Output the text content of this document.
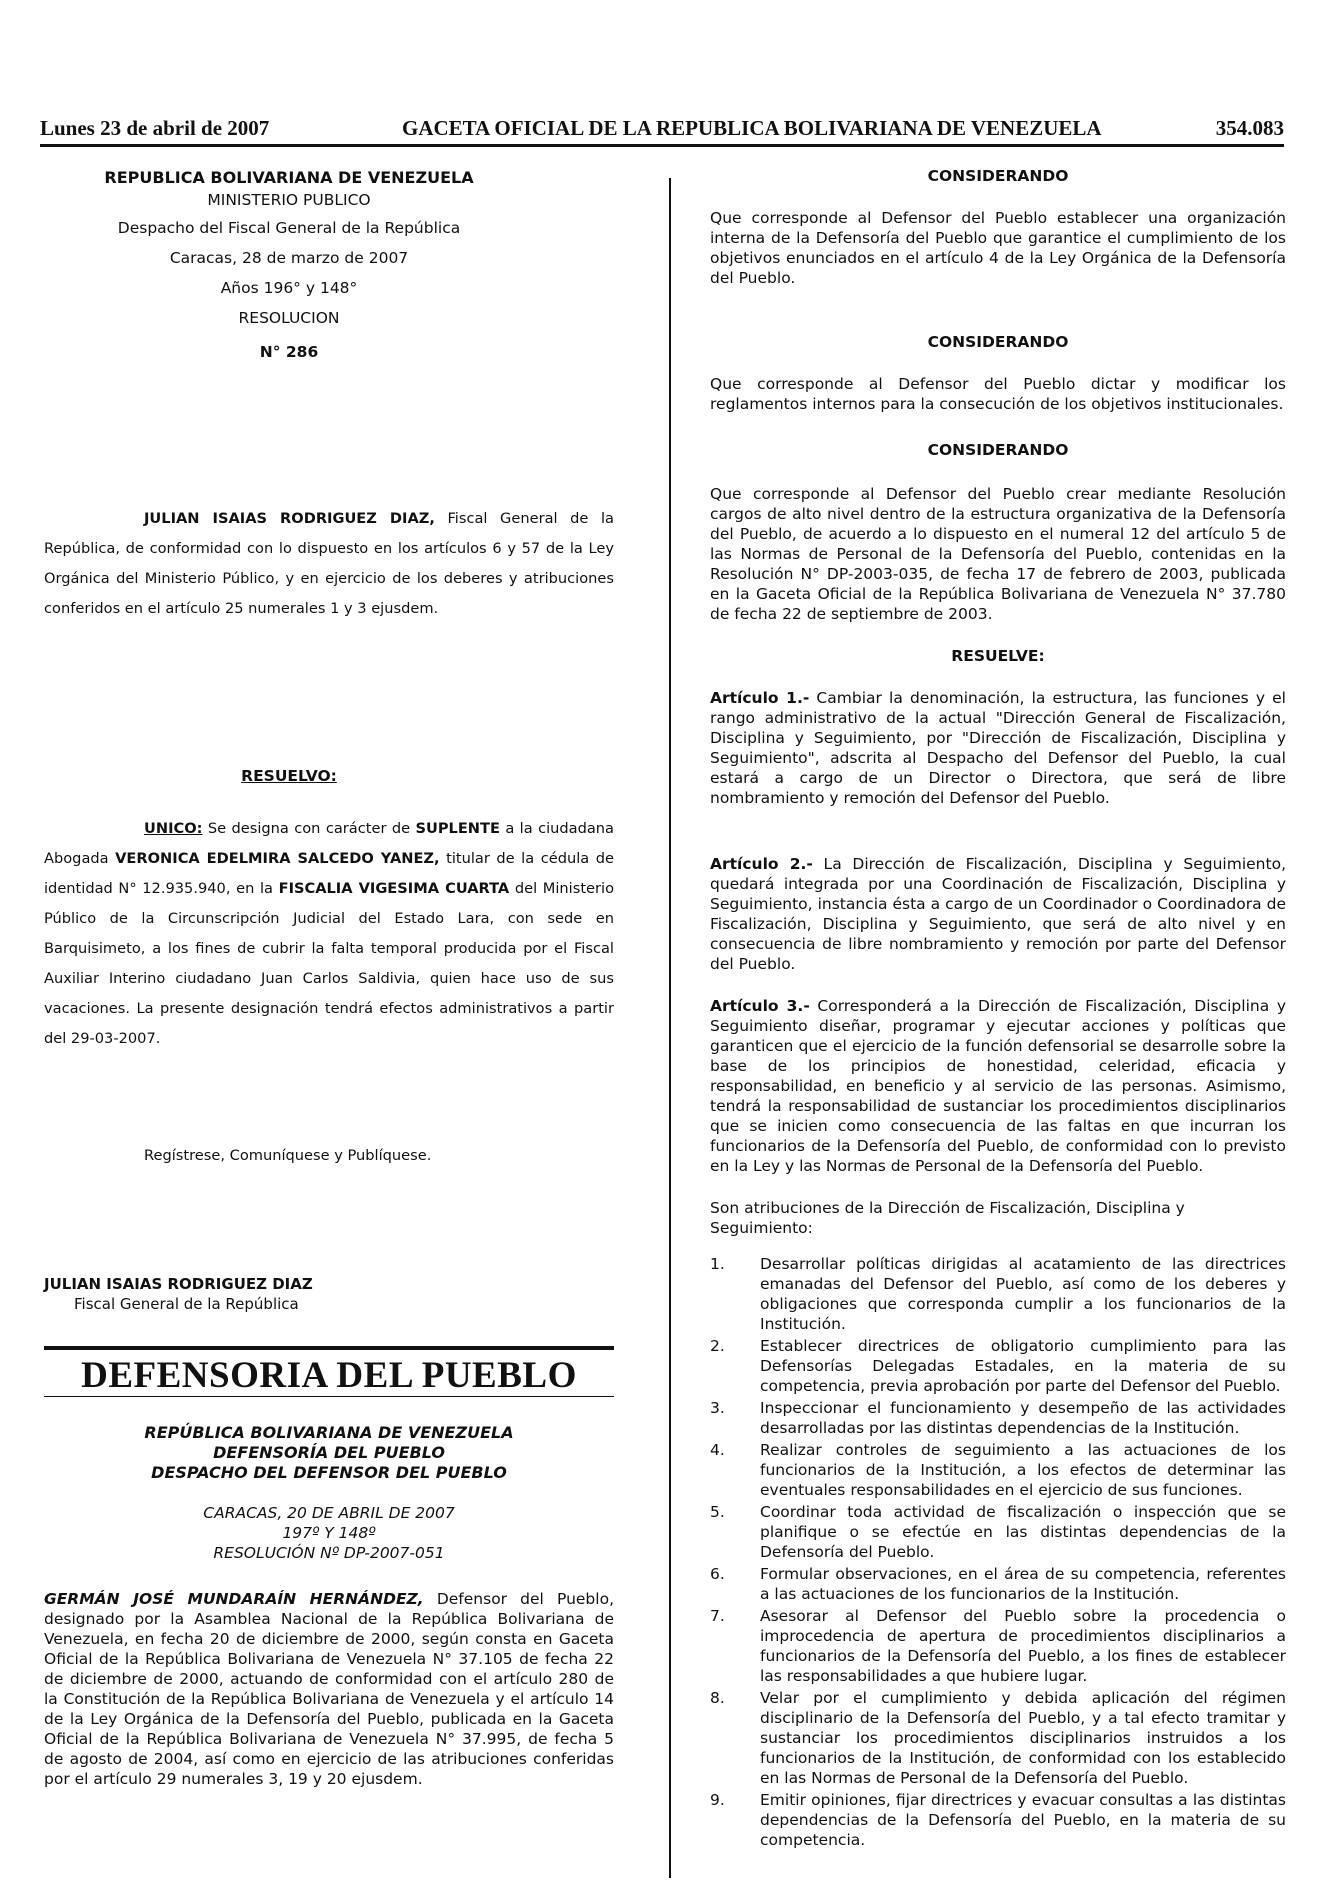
Lunes 23 de abril de 2007	GACETA OFICIAL DE LA REPUBLICA BOLIVARIANA DE VENEZUELA	354.083
REPUBLICA BOLIVARIANA DE VENEZUELA
MINISTERIO PUBLICO
Despacho del Fiscal General de la República
Caracas, 28 de marzo de 2007
Años 196° y 148°
RESOLUCION
N° 286

JULIAN ISAIAS RODRIGUEZ DIAZ, Fiscal General de la República, de conformidad con lo dispuesto en los artículos 6 y 57 de la Ley Orgánica del Ministerio Público, y en ejercicio de los deberes y atribuciones conferidos en el artículo 25 numerales 1 y 3 ejusdem.

RESUELVO:

UNICO: Se designa con carácter de SUPLENTE a la ciudadana Abogada VERONICA EDELMIRA SALCEDO YANEZ, titular de la cédula de identidad N° 12.935.940, en la FISCALIA VIGESIMA CUARTA del Ministerio Público de la Circunscripción Judicial del Estado Lara, con sede en Barquisimeto, a los fines de cubrir la falta temporal producida por el Fiscal Auxiliar Interino ciudadano Juan Carlos Saldivia, quien hace uso de sus vacaciones. La presente designación tendrá efectos administrativos a partir del 29-03-2007.

Regístrese, Comuníquese y Publíquese.

JULIAN ISAIAS RODRIGUEZ DIAZ
Fiscal General de la República
DEFENSORIA DEL PUEBLO
REPÚBLICA BOLIVARIANA DE VENEZUELA
DEFENSORÍA DEL PUEBLO
DESPACHO DEL DEFENSOR DEL PUEBLO
CARACAS, 20 DE ABRIL DE 2007
197º Y 148º
RESOLUCIÓN Nº DP-2007-051

GERMÁN JOSÉ MUNDARAÍN HERNÁNDEZ, Defensor del Pueblo, designado por la Asamblea Nacional de la República Bolivariana de Venezuela, en fecha 20 de diciembre de 2000, según consta en Gaceta Oficial de la República Bolivariana de Venezuela N° 37.105 de fecha 22 de diciembre de 2000, actuando de conformidad con el artículo 280 de la Constitución de la República Bolivariana de Venezuela y el artículo 14 de la Ley Orgánica de la Defensoría del Pueblo, publicada en la Gaceta Oficial de la República Bolivariana de Venezuela N° 37.995, de fecha 5 de agosto de 2004, así como en ejercicio de las atribuciones conferidas por el artículo 29 numerales 3, 19 y 20 ejusdem.

CONSIDERANDO

Que corresponde al Defensor del Pueblo establecer una organización interna de la Defensoría del Pueblo que garantice el cumplimiento de los objetivos enunciados en el artículo 4 de la Ley Orgánica de la Defensoría del Pueblo.

CONSIDERANDO

Que corresponde al Defensor del Pueblo dictar y modificar los reglamentos internos para la consecución de los objetivos institucionales.

CONSIDERANDO

Que corresponde al Defensor del Pueblo crear mediante Resolución cargos de alto nivel dentro de la estructura organizativa de la Defensoría del Pueblo, de acuerdo a lo dispuesto en el numeral 12 del artículo 5 de las Normas de Personal de la Defensoría del Pueblo, contenidas en la Resolución N° DP-2003-035, de fecha 17 de febrero de 2003, publicada en la Gaceta Oficial de la República Bolivariana de Venezuela N° 37.780 de fecha 22 de septiembre de 2003.

RESUELVE:

Artículo 1.- Cambiar la denominación, la estructura, las funciones y el rango administrativo de la actual "Dirección General de Fiscalización, Disciplina y Seguimiento, por "Dirección de Fiscalización, Disciplina y Seguimiento", adscrita al Despacho del Defensor del Pueblo, la cual estará a cargo de un Director o Directora, que será de libre nombramiento y remoción del Defensor del Pueblo.

Artículo 2.- La Dirección de Fiscalización, Disciplina y Seguimiento, quedará integrada por una Coordinación de Fiscalización, Disciplina y Seguimiento, instancia ésta a cargo de un Coordinador o Coordinadora de Fiscalización, Disciplina y Seguimiento, que será de alto nivel y en consecuencia de libre nombramiento y remoción por parte del Defensor del Pueblo.

Artículo 3.- Corresponderá a la Dirección de Fiscalización, Disciplina y Seguimiento diseñar, programar y ejecutar acciones y políticas que garanticen que el ejercicio de la función defensorial se desarrolle sobre la base de los principios de honestidad, celeridad, eficacia y responsabilidad, en beneficio y al servicio de las personas. Asimismo, tendrá la responsabilidad de sustanciar los procedimientos disciplinarios que se inicien como consecuencia de las faltas en que incurran los funcionarios de la Defensoría del Pueblo, de conformidad con lo previsto en la Ley y las Normas de Personal de la Defensoría del Pueblo.

Son atribuciones de la Dirección de Fiscalización, Disciplina y Seguimiento:

1. Desarrollar políticas dirigidas al acatamiento de las directrices emanadas del Defensor del Pueblo, así como de los deberes y obligaciones que corresponda cumplir a los funcionarios de la Institución.
2. Establecer directrices de obligatorio cumplimiento para las Defensorías Delegadas Estadales, en la materia de su competencia, previa aprobación por parte del Defensor del Pueblo.
3. Inspeccionar el funcionamiento y desempeño de las actividades desarrolladas por las distintas dependencias de la Institución.
4. Realizar controles de seguimiento a las actuaciones de los funcionarios de la Institución, a los efectos de determinar las eventuales responsabilidades en el ejercicio de sus funciones.
5. Coordinar toda actividad de fiscalización o inspección que se planifique o se efectúe en las distintas dependencias de la Defensoría del Pueblo.
6. Formular observaciones, en el área de su competencia, referentes a las actuaciones de los funcionarios de la Institución.
7. Asesorar al Defensor del Pueblo sobre la procedencia o improcedencia de apertura de procedimientos disciplinarios a funcionarios de la Defensoría del Pueblo, a los fines de establecer las responsabilidades a que hubiere lugar.
8. Velar por el cumplimiento y debida aplicación del régimen disciplinario de la Defensoría del Pueblo, y a tal efecto tramitar y sustanciar los procedimientos disciplinarios instruidos a los funcionarios de la Institución, de conformidad con los establecido en las Normas de Personal de la Defensoría del Pueblo.
9. Emitir opiniones, fijar directrices y evacuar consultas a las distintas dependencias de la Defensoría del Pueblo, en la materia de su competencia.
